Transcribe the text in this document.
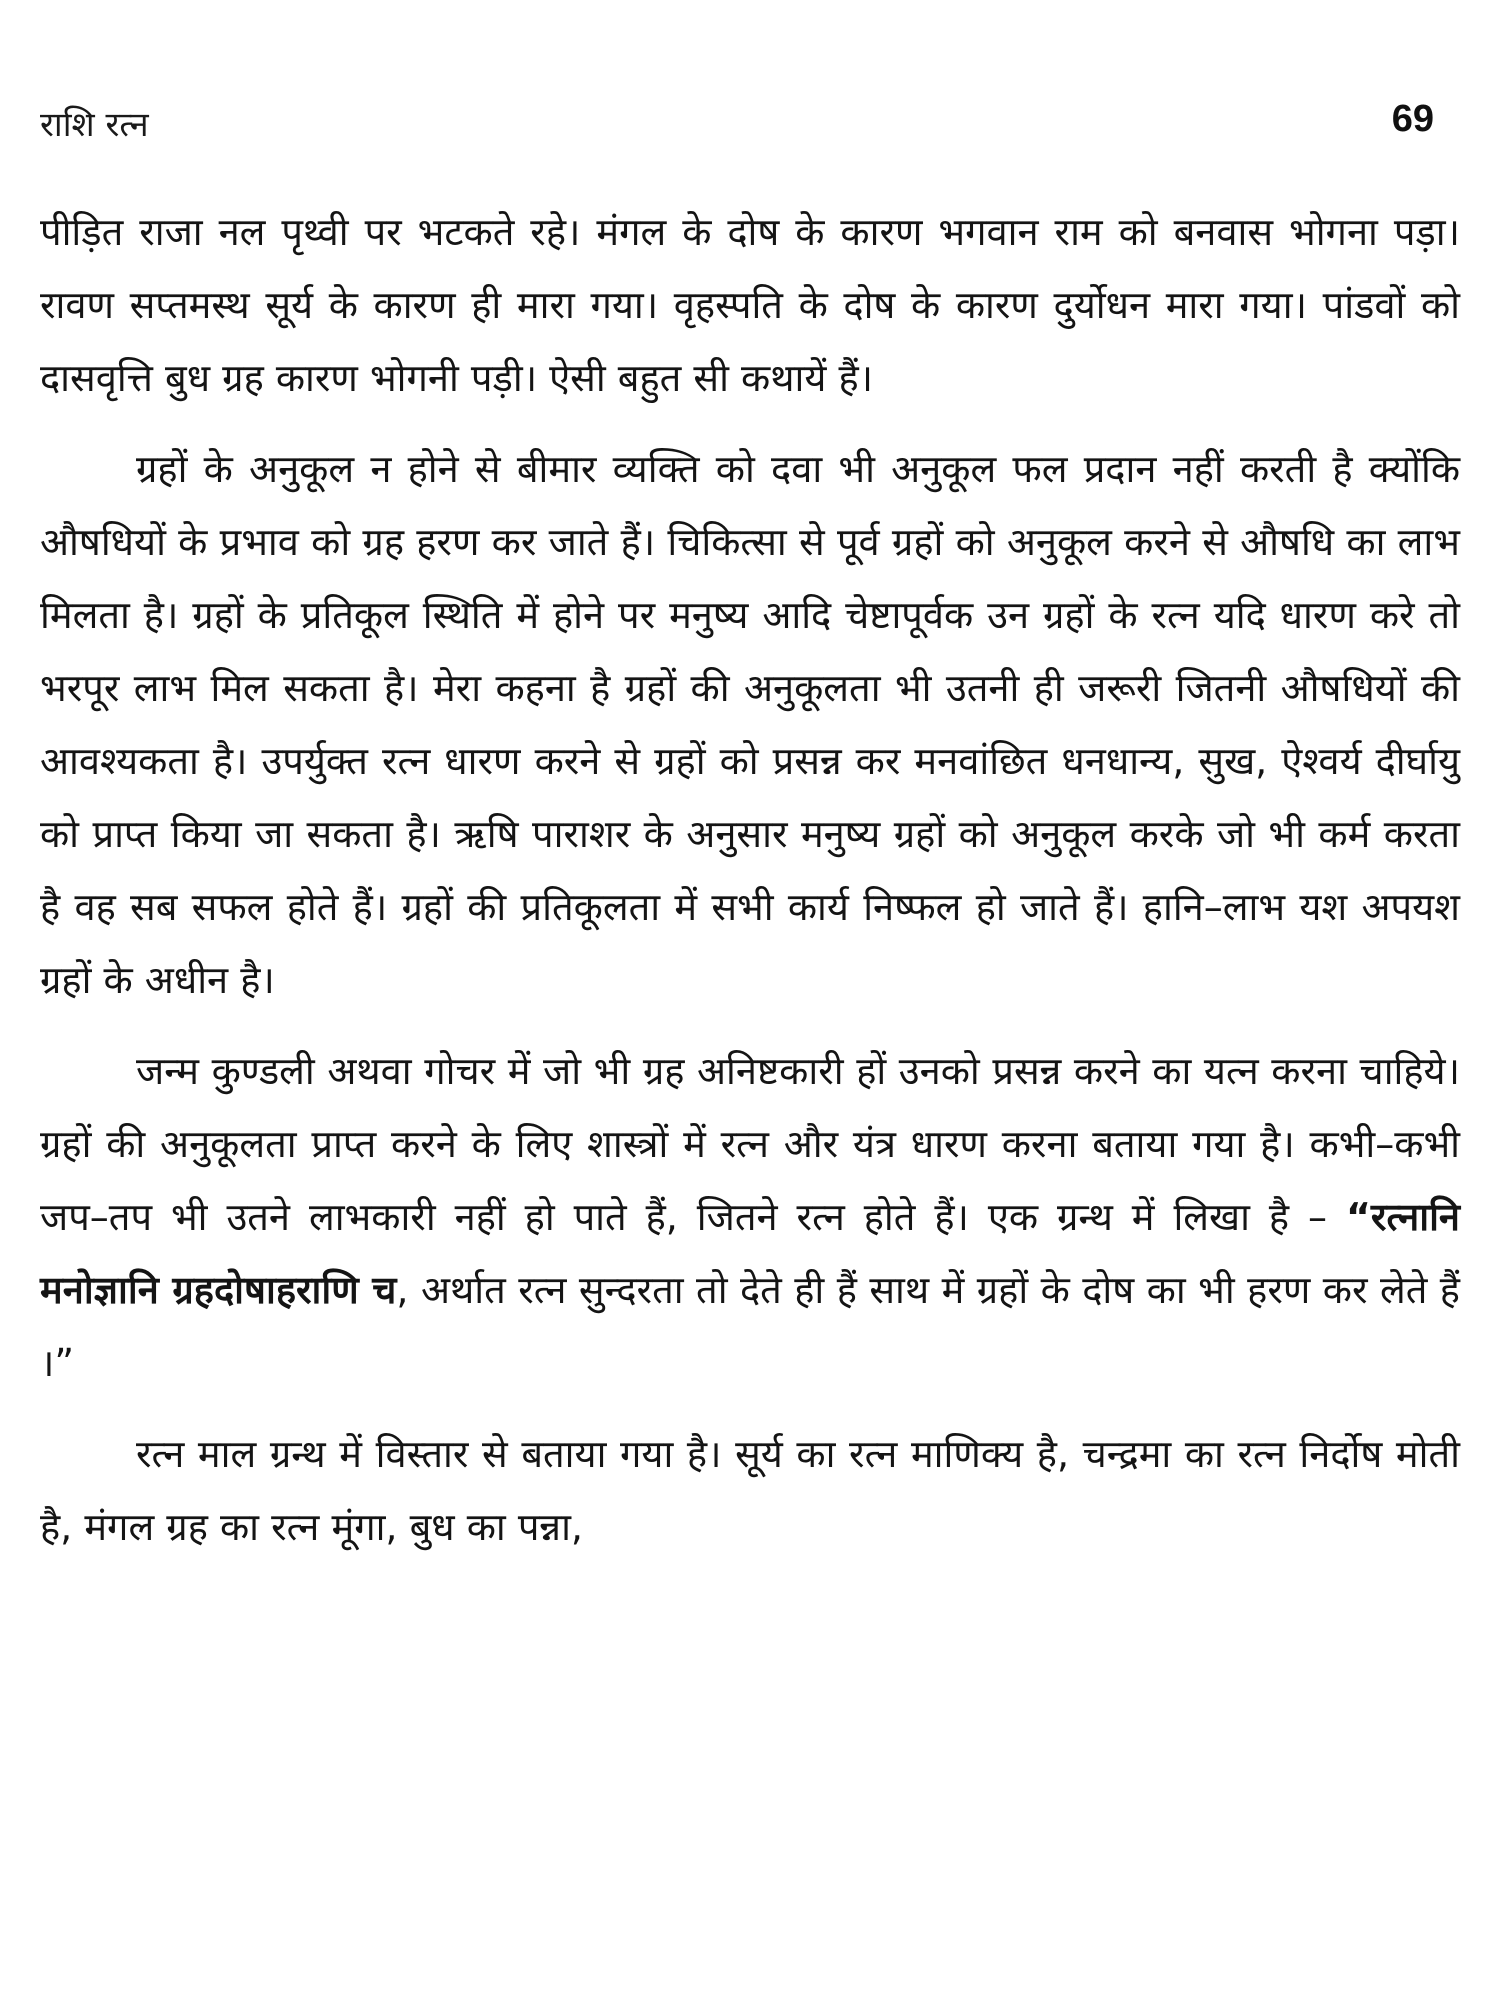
राशि रत्न	69

पीड़ित राजा नल पृथ्वी पर भटकते रहे। मंगल के दोष के कारण भगवान राम को बनवास भोगना पड़ा। रावण सप्तमस्थ सूर्य के कारण ही मारा गया। वृहस्पति के दोष के कारण दुर्योधन मारा गया। पांडवों को दासवृत्ति बुध ग्रह कारण भोगनी पड़ी। ऐसी बहुत सी कथायें हैं।

ग्रहों के अनुकूल न होने से बीमार व्यक्ति को दवा भी अनुकूल फल प्रदान नहीं करती है क्योंकि औषधियों के प्रभाव को ग्रह हरण कर जाते हैं। चिकित्सा से पूर्व ग्रहों को अनुकूल करने से औषधि का लाभ मिलता है। ग्रहों के प्रतिकूल स्थिति में होने पर मनुष्य आदि चेष्टापूर्वक उन ग्रहों के रत्न यदि धारण करे तो भरपूर लाभ मिल सकता है। मेरा कहना है ग्रहों की अनुकूलता भी उतनी ही जरूरी जितनी औषधियों की आवश्यकता है। उपर्युक्त रत्न धारण करने से ग्रहों को प्रसन्न कर मनवांछित धनधान्य, सुख, ऐश्वर्य दीर्घायु को प्राप्त किया जा सकता है। ऋषि पाराशर के अनुसार मनुष्य ग्रहों को अनुकूल करके जो भी कर्म करता है वह सब सफल होते हैं। ग्रहों की प्रतिकूलता में सभी कार्य निष्फल हो जाते हैं। हानि–लाभ यश अपयश ग्रहों के अधीन है।

जन्म कुण्डली अथवा गोचर में जो भी ग्रह अनिष्टकारी हों उनको प्रसन्न करने का यत्न करना चाहिये। ग्रहों की अनुकूलता प्राप्त करने के लिए शास्त्रों में रत्न और यंत्र धारण करना बताया गया है। कभी–कभी जप–तप भी उतने लाभकारी नहीं हो पाते हैं, जितने रत्न होते हैं। एक ग्रन्थ में लिखा है – “रत्नानि मनोज्ञानि ग्रहदोषाहराणि च, अर्थात रत्न सुन्दरता तो देते ही हैं साथ में ग्रहों के दोष का भी हरण कर लेते हैं ।”

रत्न माल ग्रन्थ में विस्तार से बताया गया है। सूर्य का रत्न माणिक्य है, चन्द्रमा का रत्न निर्दोष मोती है, मंगल ग्रह का रत्न मूंगा, बुध का पन्ना,
